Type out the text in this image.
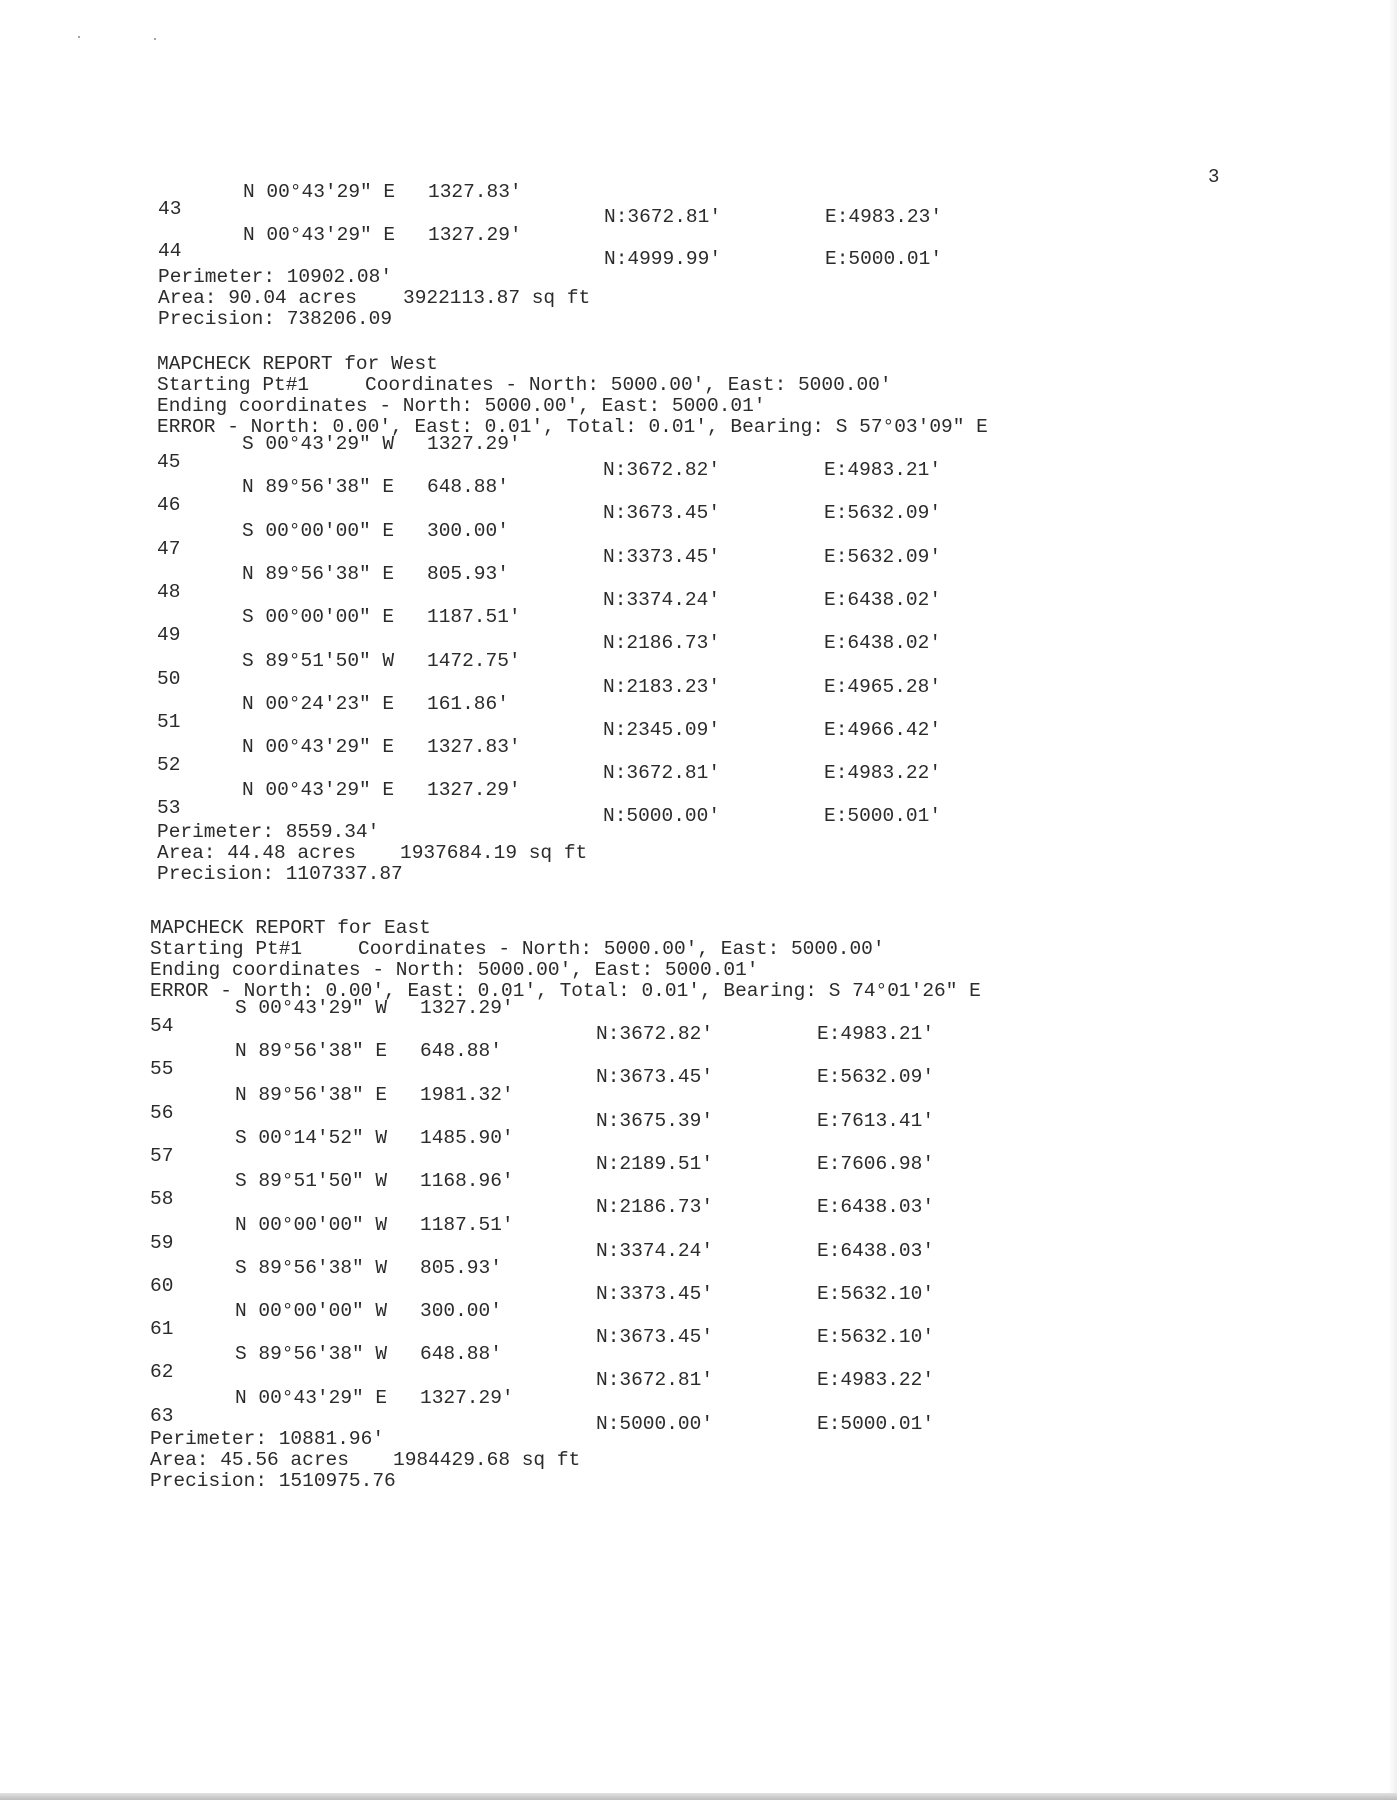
3
N 00°43'29" E 1327.83'
43	N:3672.81'	E:4983.23'
N 00°43'29" E 1327.29'
44	N:4999.99'	E:5000.01'
Perimeter: 10902.08'
Area: 90.04 acres 3922113.87 sq ft
Precision: 738206.09
MAPCHECK REPORT for West
Starting Pt#1	Coordinates - North: 5000.00', East: 5000.00'
Ending coordinates - North: 5000.00', East: 5000.01'
ERROR - North: 0.00', East: 0.01', Total: 0.01', Bearing: S 57°03'09" E
S 00°43'29" W 1327.29'
45	N:3672.82'	E:4983.21'
N 89°56'38" E 648.88'
46	N:3673.45'	E:5632.09'
S 00°00'00" E 300.00'
47	N:3373.45'	E:5632.09'
N 89°56'38" E 805.93'
48	N:3374.24'	E:6438.02'
S 00°00'00" E 1187.51'
49	N:2186.73'	E:6438.02'
S 89°51'50" W 1472.75'
50	N:2183.23'	E:4965.28'
N 00°24'23" E 161.86'
51	N:2345.09'	E:4966.42'
N 00°43'29" E 1327.83'
52	N:3672.81'	E:4983.22'
N 00°43'29" E 1327.29'
53	N:5000.00'	E:5000.01'
Perimeter: 8559.34'
Area: 44.48 acres 1937684.19 sq ft
Precision: 1107337.87
MAPCHECK REPORT for East
Starting Pt#1	Coordinates - North: 5000.00', East: 5000.00'
Ending coordinates - North: 5000.00', East: 5000.01'
ERROR - North: 0.00', East: 0.01', Total: 0.01', Bearing: S 74°01'26" E
S 00°43'29" W 1327.29'
54	N:3672.82'	E:4983.21'
N 89°56'38" E 648.88'
55	N:3673.45'	E:5632.09'
N 89°56'38" E 1981.32'
56	N:3675.39'	E:7613.41'
S 00°14'52" W 1485.90'
57	N:2189.51'	E:7606.98'
S 89°51'50" W 1168.96'
58	N:2186.73'	E:6438.03'
N 00°00'00" W 1187.51'
59	N:3374.24'	E:6438.03'
S 89°56'38" W 805.93'
60	N:3373.45'	E:5632.10'
N 00°00'00" W 300.00'
61	N:3673.45'	E:5632.10'
S 89°56'38" W 648.88'
62	N:3672.81'	E:4983.22'
N 00°43'29" E 1327.29'
63	N:5000.00'	E:5000.01'
Perimeter: 10881.96'
Area: 45.56 acres 1984429.68 sq ft
Precision: 1510975.76
